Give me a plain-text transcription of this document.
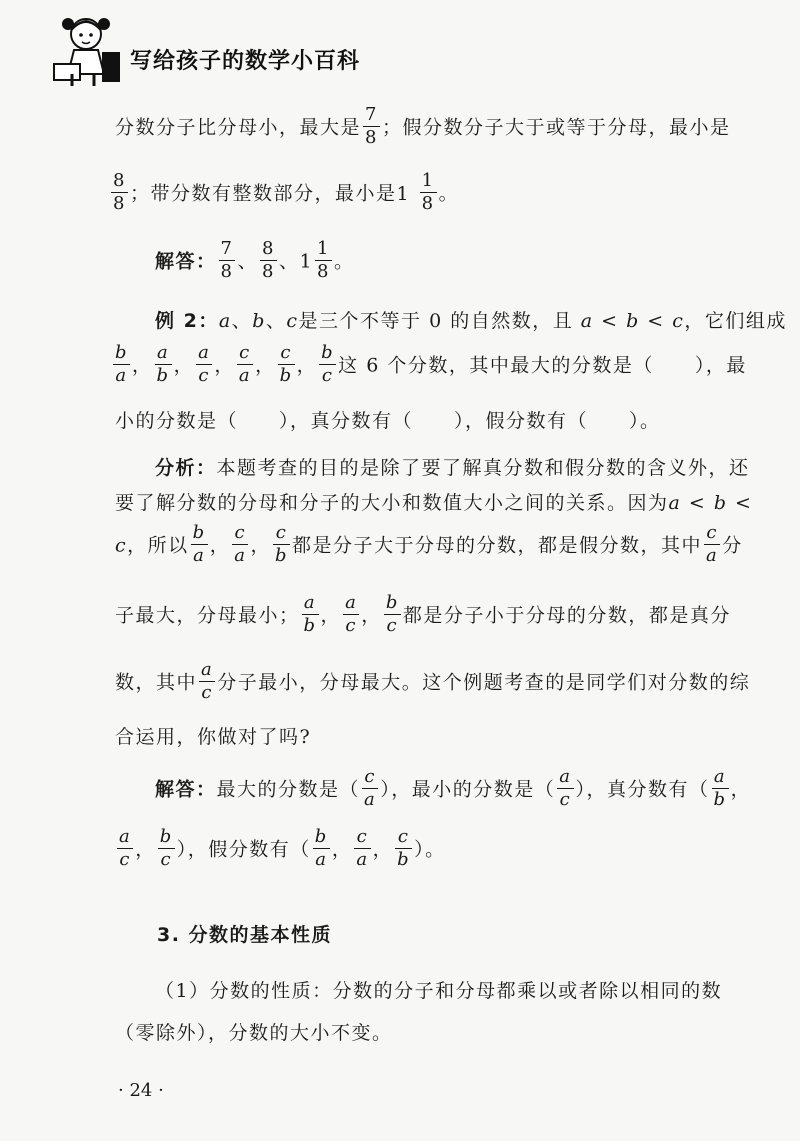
写给孩子的数学小百科
分数分子比分母小，最大是 $\frac{7}{8}$ ；假分数分子大于或等于分母，最小是
$\frac{8}{8}$ ；带分数有整数部分，最小是$1 \frac{1}{8}$ 。
解答： $\frac{7}{8}$ 、 $\frac{8}{8}$ 、$1 \frac{1}{8}$ 。
例 2：a、b、c是三个不等于 0 的自然数，且 a < b < c，它们组成
$\frac{b}{a}$ ， $\frac{a}{b}$ ， $\frac{a}{c}$ ， $\frac{c}{a}$ ， $\frac{c}{b}$ ， $\frac{b}{c}$ 这 6 个分数，其中最大的分数是（　　），最
小的分数是（　　），真分数有（　　），假分数有（　　）。
分析：本题考查的目的是除了要了解真分数和假分数的含义外，还
要了解分数的分母和分子的大小和数值大小之间的关系。因为a < b <
c，所以 $\frac{b}{a}$ ， $\frac{c}{a}$ ， $\frac{c}{b}$ 都是分子大于分母的分数，都是假分数，其中 $\frac{c}{a}$ 分
子最大，分母最小； $\frac{a}{b}$ ， $\frac{a}{c}$ ， $\frac{b}{c}$ 都是分子小于分母的分数，都是真分
数，其中 $\frac{a}{c}$ 分子最小，分母最大。这个例题考查的是同学们对分数的综
合运用，你做对了吗?
解答：最大的分数是（ $\frac{c}{a}$ ），最小的分数是（ $\frac{a}{c}$ ），真分数有（ $\frac{a}{b}$ ，
$\frac{a}{c}$ ， $\frac{b}{c}$ ），假分数有（ $\frac{b}{a}$ ， $\frac{c}{a}$ ， $\frac{c}{b}$ ）。
3. 分数的基本性质
（1）分数的性质：分数的分子和分母都乘以或者除以相同的数
（零除外），分数的大小不变。
· 24 ·
